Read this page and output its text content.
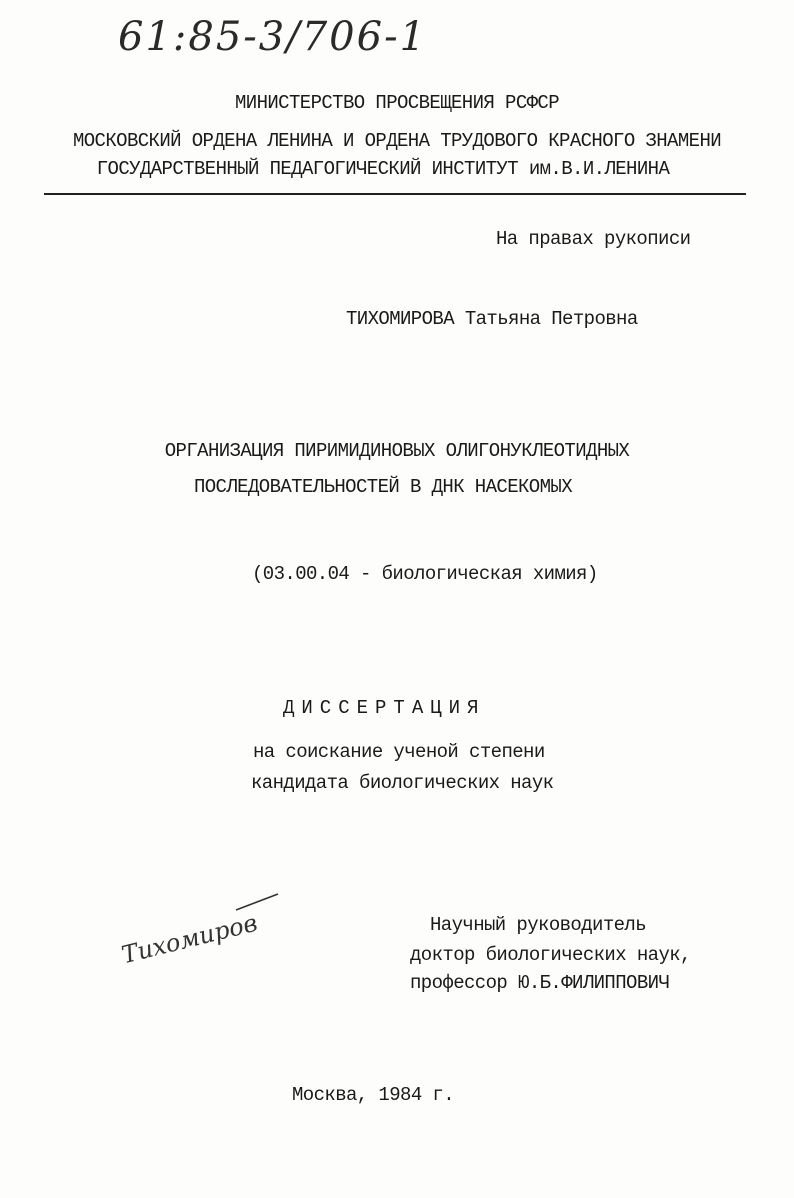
61:85-3/706-1
МИНИСТЕРСТВО ПРОСВЕЩЕНИЯ РСФСР
МОСКОВСКИЙ ОРДЕНА ЛЕНИНА И ОРДЕНА ТРУДОВОГО КРАСНОГО ЗНАМЕНИ
ГОСУДАРСТВЕННЫЙ ПЕДАГОГИЧЕСКИЙ ИНСТИТУТ им.В.И.ЛЕНИНА
На правах рукописи
ТИХОМИРОВА Татьяна Петровна
ОРГАНИЗАЦИЯ ПИРИМИДИНОВЫХ ОЛИГОНУКЛЕОТИДНЫХ
ПОСЛЕДОВАТЕЛЬНОСТЕЙ В ДНК НАСЕКОМЫХ
(03.00.04 - биологическая химия)
ДИССЕРТАЦИЯ
на соискание ученой степени
кандидата биологических наук
Тихомиров	Научный руководитель
доктор биологических наук,
профессор Ю.Б.ФИЛИППОВИЧ
Москва, 1984 г.
